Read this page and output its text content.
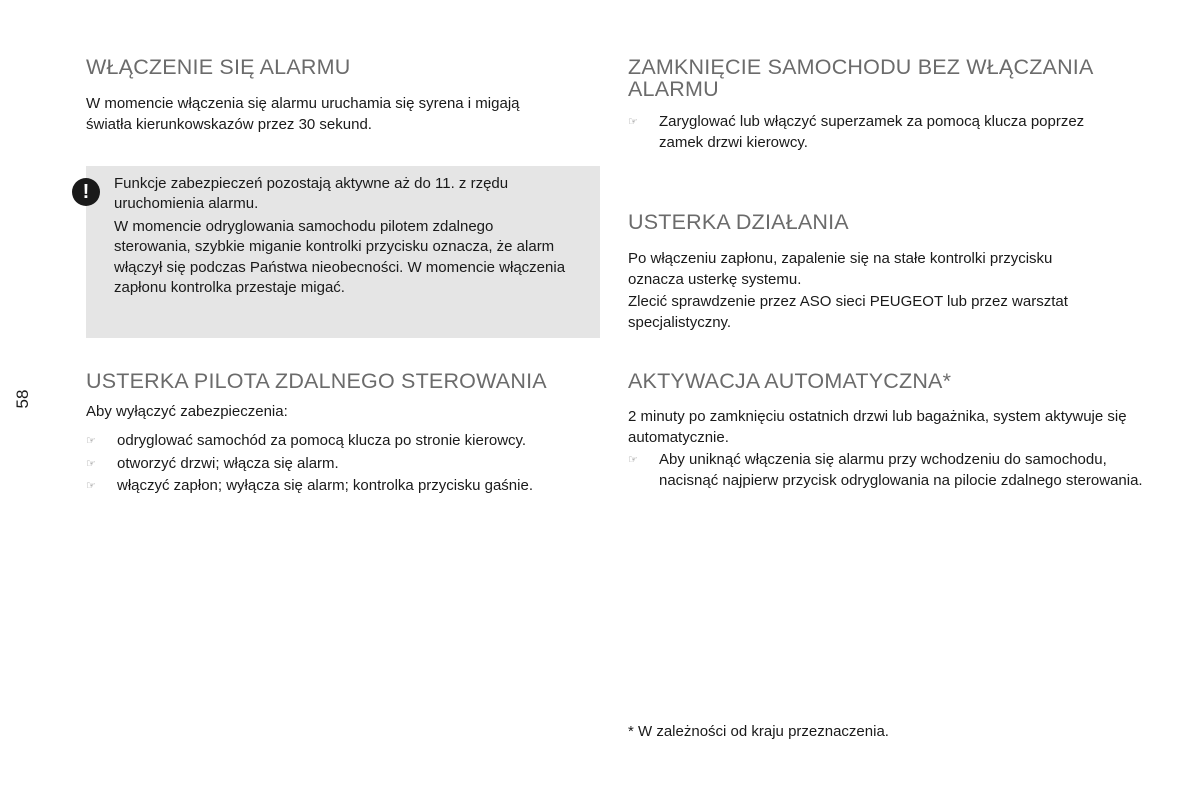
58
WŁĄCZENIE SIĘ ALARMU

W momencie włączenia się alarmu uruchamia się syrena i migają światła kierunkowskazów przez 30 sekund.

!	Funkcje zabezpieczeń pozostają aktywne aż do 11. z rzędu uruchomienia alarmu.

W momencie odryglowania samochodu pilotem zdalnego sterowania, szybkie miganie kontrolki przycisku oznacza, że alarm włączył się podczas Państwa nieobecności. W momencie włączenia zapłonu kontrolka przestaje migać.

USTERKA PILOTA ZDALNEGO STEROWANIA

Aby wyłączyć zabezpieczenia:

☞ odryglować samochód za pomocą klucza po stronie kierowcy.
☞ otworzyć drzwi; włącza się alarm.
☞ włączyć zapłon; wyłącza się alarm; kontrolka przycisku gaśnie.
ZAMKNIĘCIE SAMOCHODU BEZ WŁĄCZANIA ALARMU
☞ Zaryglować lub włączyć superzamek za pomocą klucza poprzez zamek drzwi kierowcy.
USTERKA DZIAŁANIA

Po włączeniu zapłonu, zapalenie się na stałe kontrolki przycisku oznacza usterkę systemu.

Zlecić sprawdzenie przez ASO sieci PEUGEOT lub przez warsztat specjalistyczny.

AKTYWACJA AUTOMATYCZNA*

2 minuty po zamknięciu ostatnich drzwi lub bagażnika, system aktywuje się automatycznie.

☞ Aby uniknąć włączenia się alarmu przy wchodzeniu do samochodu, nacisnąć najpierw przycisk odryglowania na pilocie zdalnego sterowania.

* W zależności od kraju przeznaczenia.
